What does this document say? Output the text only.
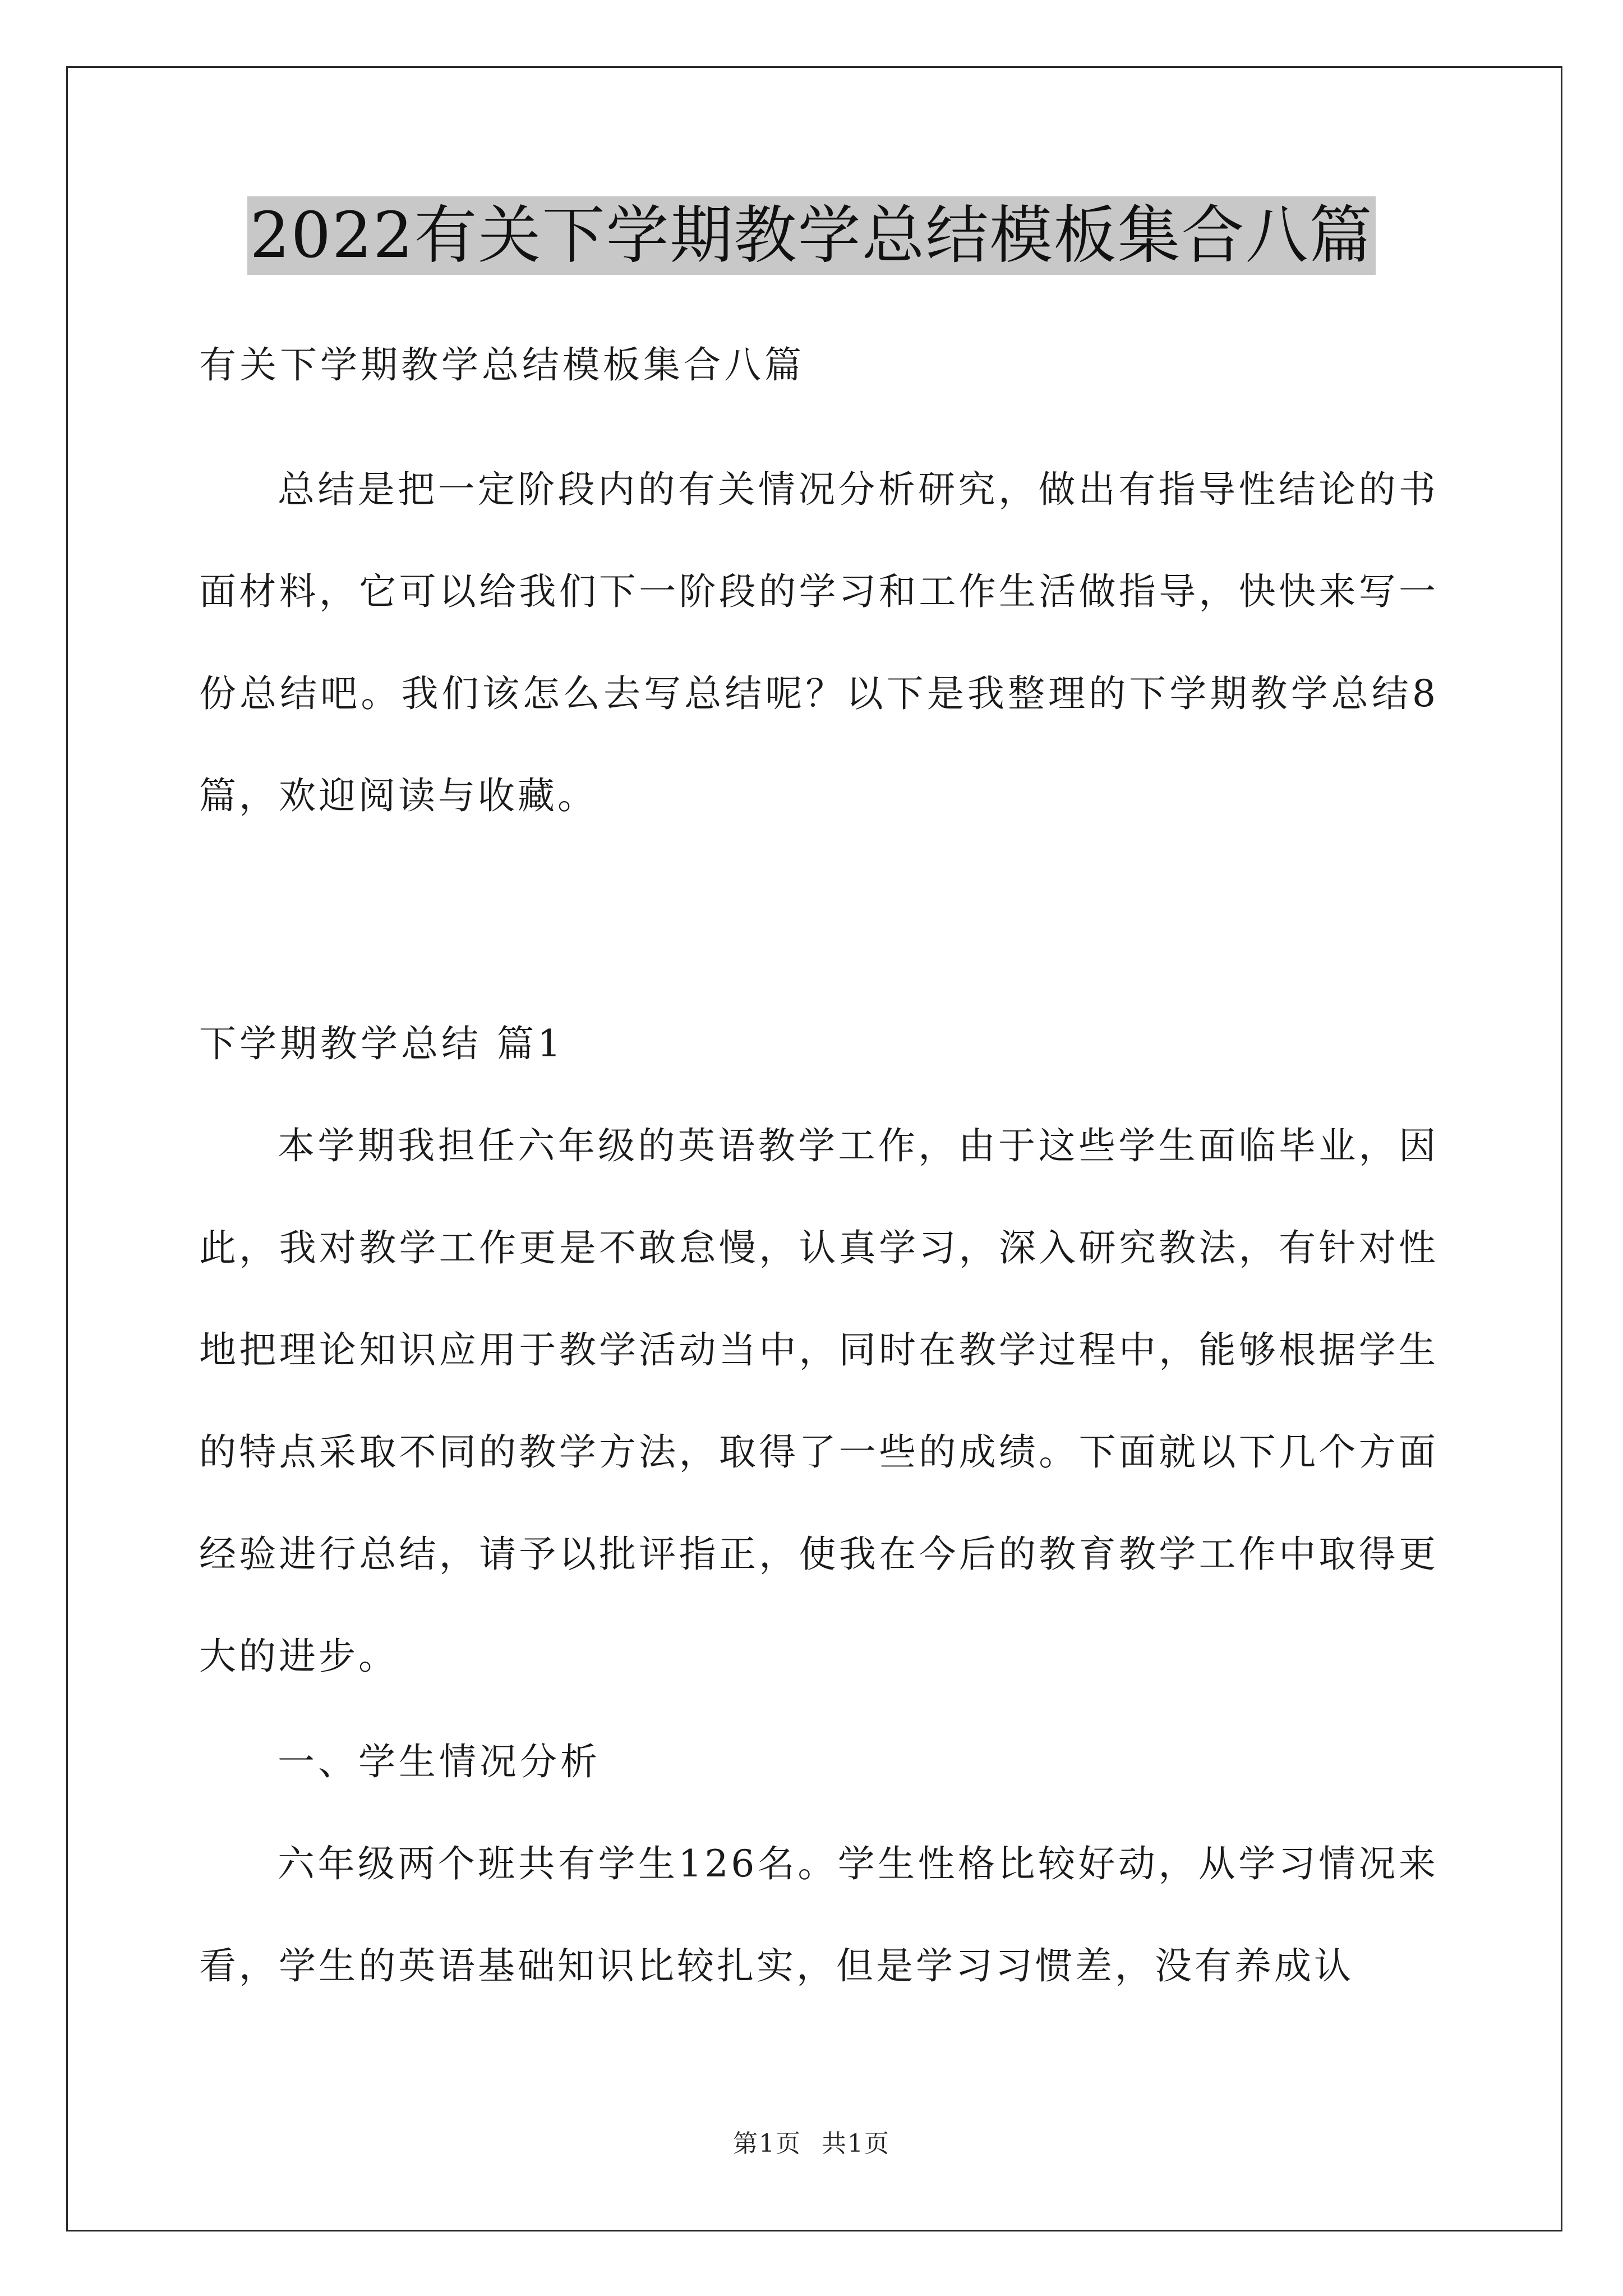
2022有关下学期教学总结模板集合八篇
有关下学期教学总结模板集合八篇

总结是把一定阶段内的有关情况分析研究，做出有指导性结论的书面材料，它可以给我们下一阶段的学习和工作生活做指导，快快来写一份总结吧。我们该怎么去写总结呢？以下是我整理的下学期教学总结8篇，欢迎阅读与收藏。

下学期教学总结 篇1

本学期我担任六年级的英语教学工作，由于这些学生面临毕业，因此，我对教学工作更是不敢怠慢，认真学习，深入研究教法，有针对性地把理论知识应用于教学活动当中，同时在教学过程中，能够根据学生的特点采取不同的教学方法，取得了一些的成绩。下面就以下几个方面经验进行总结，请予以批评指正，使我在今后的教育教学工作中取得更大的进步。

一、学生情况分析

六年级两个班共有学生126名。学生性格比较好动，从学习情况来看，学生的英语基础知识比较扎实，但是学习习惯差，没有养成认

第1页 共1页
